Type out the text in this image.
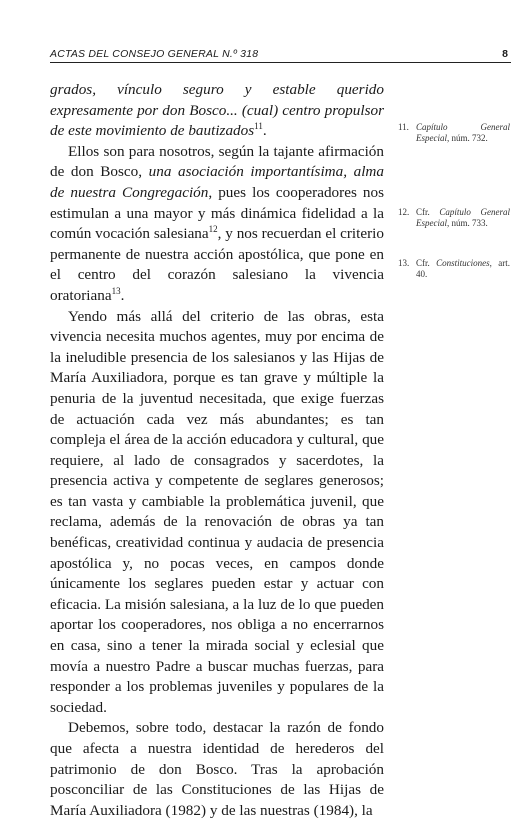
ACTAS DEL CONSEJO GENERAL N.º 318	8

grados, vínculo seguro y estable querido expresamente por don Bosco... (cual) centro propulsor de este movimiento de bautizados$^{11}$.

Ellos son para nosotros, según la tajante afirmación de don Bosco, una asociación importantísima, alma de nuestra Congregación, pues los cooperadores nos estimulan a una mayor y más dinámica fidelidad a la común vocación salesiana$^{12}$, y nos recuerdan el criterio permanente de nuestra acción apostólica, que pone en el centro del corazón salesiano la vivencia oratoriana$^{13}$.

Yendo más allá del criterio de las obras, esta vivencia necesita muchos agentes, muy por encima de la ineludible presencia de los salesianos y las Hijas de María Auxiliadora, porque es tan grave y múltiple la penuria de la juventud necesitada, que exige fuerzas de actuación cada vez más abundantes; es tan compleja el área de la acción educadora y cultural, que requiere, al lado de consagrados y sacerdotes, la presencia activa y competente de seglares generosos; es tan vasta y cambiable la problemática juvenil, que reclama, además de la renovación de obras ya tan benéficas, creatividad continua y audacia de presencia apostólica y, no pocas veces, en campos donde únicamente los seglares pueden estar y actuar con eficacia. La misión salesiana, a la luz de lo que pueden aportar los cooperadores, nos obliga a no encerrarnos en casa, sino a tener la mirada social y eclesial que movía a nuestro Padre a buscar muchas fuerzas, para responder a los problemas juveniles y populares de la sociedad.

Debemos, sobre todo, destacar la razón de fondo que afecta a nuestra identidad de herederos del patrimonio de don Bosco. Tras la aprobación posconciliar de las Constituciones de las Hijas de María Auxiliadora (1982) y de las nuestras (1984), la

11. Capítulo General Especial, núm. 732.
12. Cfr. Capítulo General Especial, núm. 733.
13. Cfr. Constituciones, art. 40.
